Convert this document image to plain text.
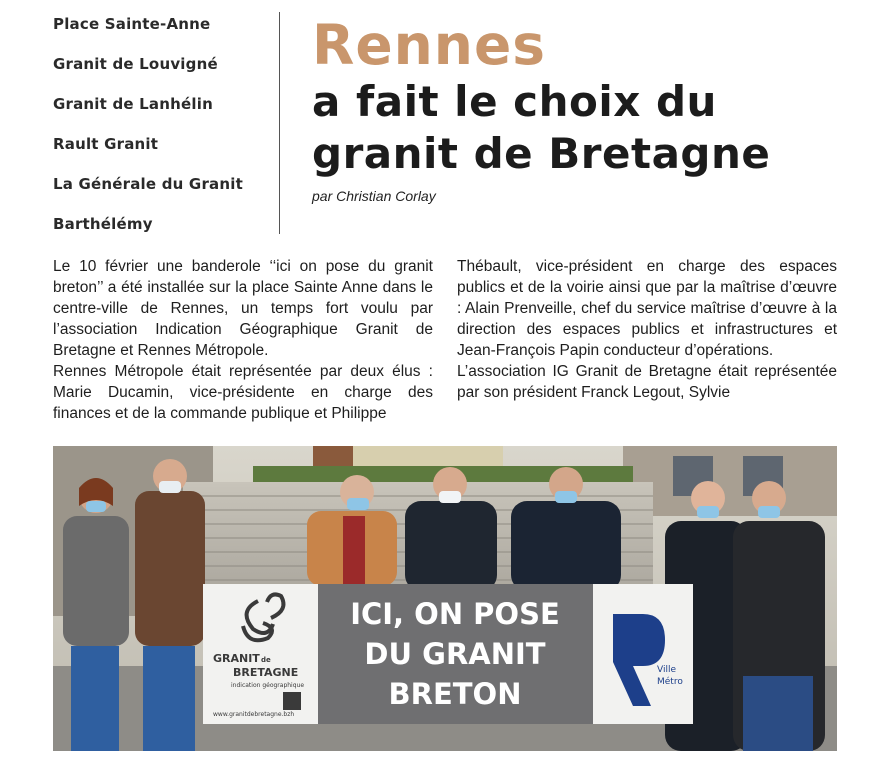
Place Sainte-Anne
Granit de Louvigné
Granit de Lanhélin
Rault Granit
La Générale du Granit
Barthélémy
Rennes
a fait le choix du
granit de Bretagne
par Christian Corlay

Le 10 février une banderole ‘‘ici on pose du granit breton’’ a été installée sur la place Sainte Anne dans le centre-ville de Rennes, un temps fort voulu par l’association Indication Géographique Granit de Bretagne et Rennes Métropole.

Rennes Métropole était représentée par deux élus : Marie Ducamin, vice-présidente en charge des finances et de la commande publique et Philippe

Thébault, vice-président en charge des espaces publics et de la voirie ainsi que par la maîtrise d’œuvre : Alain Prenveille, chef du service maîtrise d’œuvre à la direction des espaces publics et infrastructures et Jean-François Papin conducteur d’opérations.

L’association IG Granit de Bretagne était représentée par son président Franck Legout, Sylvie

GRANIT de
BRETAGNE
indication géographique
www.granitdebretagne.bzh
ICI, ON POSE
DU GRANIT
BRETON
Ville
Métro
